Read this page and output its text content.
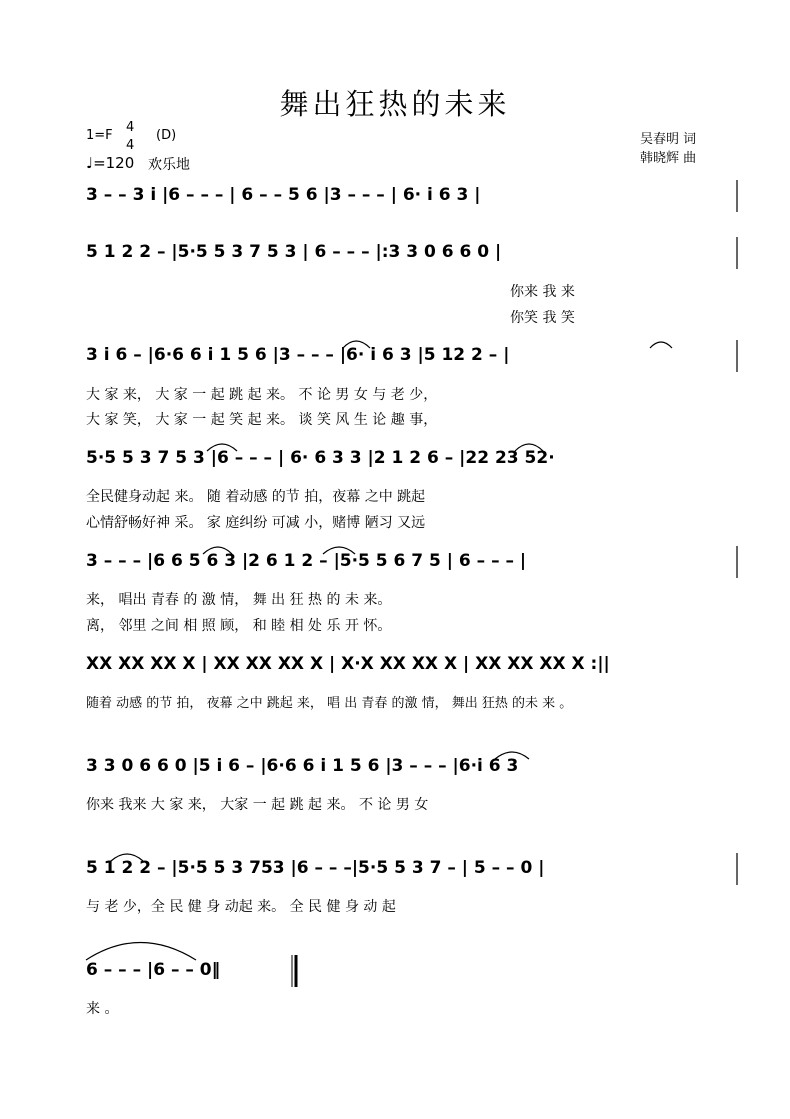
舞出狂热的未来
1=F
4
4
(D)
♩=120 欢乐地
吴春明 词
韩晓辉 曲
3 – – 3 i |6 – – – | 6 – – 5 6 |3 – – – | 6· i 6 3 |
5 1 2 2 – |5·5 5 3 7 5 3 | 6 – – – |:3 3 0 6 6 0 |
你来 我 来
你笑 我 笑
3 i 6 – |6·6 6 i 1 5 6 |3 – – – |6· i 6 3 |5 12 2 – |
大 家 来， 大 家 一 起 跳 起 来。 不 论 男 女 与 老 少，
大 家 笑， 大 家 一 起 笑 起 来。 谈 笑 风 生 论 趣 事，
5·5 5 3 7 5 3 |6 – – – | 6· 6 3 3 |2 1 2 6 – |22 23 52·
全民健身动起 来。 随 着动感 的节 拍，夜幕 之中 跳起
心情舒畅好神 采。 家 庭纠纷 可减 小，赌博 陋习 又远
3 – – – |6 6 5 6 3 |2 6 1 2 – |5·5 5 6 7 5 | 6 – – – |
来， 唱出 青春 的 激 情， 舞 出 狂 热 的 未 来。
离， 邻里 之间 相 照 顾， 和 睦 相 处 乐 开 怀。
XX XX XX X | XX XX XX X | X·X XX XX X | XX XX XX X :||
随着 动感 的节 拍， 夜幕 之中 跳起 来， 唱 出 青春 的激 情， 舞出 狂热 的未 来 。
3 3 0 6 6 0 |5 i 6 – |6·6 6 i 1 5 6 |3 – – – |6·i 6 3
你来 我来 大 家 来， 大家 一 起 跳 起 来。 不 论 男 女
5 1 2 2 – |5·5 5 3 753 |6 – – –|5·5 5 3 7 – | 5 – – 0 |
与 老 少，全 民 健 身 动起 来。 全 民 健 身 动 起
6 – – – |6 – – 0‖
来 。
